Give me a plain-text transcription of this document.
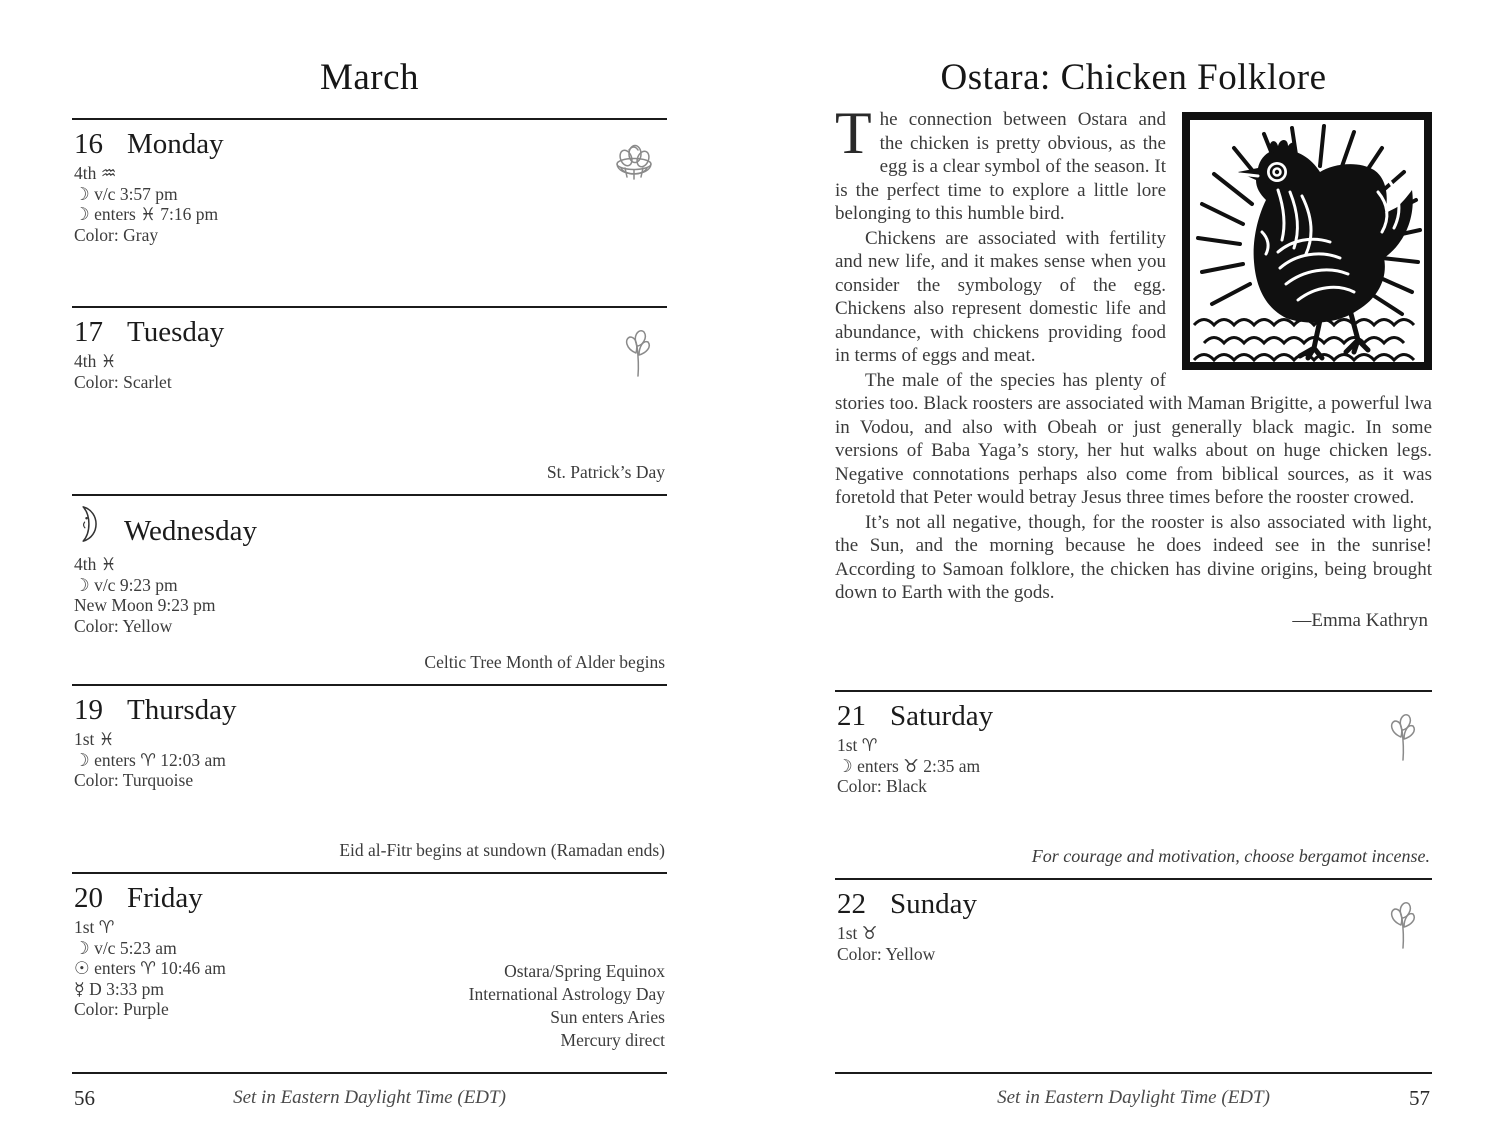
March
16 Monday
4th ♒
☽ v/c 3:57 pm
☽ enters ♓ 7:16 pm
Color: Gray
17 Tuesday
4th ♓
Color: Scarlet
St. Patrick’s Day
Wednesday
4th ♓
☽ v/c 9:23 pm
New Moon 9:23 pm
Color: Yellow
Celtic Tree Month of Alder begins
19 Thursday
1st ♓
☽ enters ♈ 12:03 am
Color: Turquoise
Eid al-Fitr begins at sundown (Ramadan ends)
20 Friday
1st ♈
☽ v/c 5:23 am
☉ enters ♈ 10:46 am
☿ D 3:33 pm
Color: Purple
Ostara/Spring Equinox
International Astrology Day
Sun enters Aries
Mercury direct
56	Set in Eastern Daylight Time (EDT)
Ostara: Chicken Folklore

The connection between Ostara and the chicken is pretty obvious, as the egg is a clear symbol of the season. It is the perfect time to explore a little lore belonging to this humble bird.

Chickens are associated with fertility and new life, and it makes sense when you consider the symbology of the egg. Chickens also represent domestic life and abundance, with chickens providing food in terms of eggs and meat.

The male of the species has plenty of stories too. Black roosters are associated with Maman Brigitte, a powerful lwa in Vodou, and also with Obeah or just generally black magic. In some versions of Baba Yaga’s story, her hut walks about on huge chicken legs. Negative connotations perhaps also come from biblical sources, as it was foretold that Peter would betray Jesus three times before the rooster crowed.

It’s not all negative, though, for the rooster is also associated with light, the Sun, and the morning because he does indeed see in the sunrise! According to Samoan folklore, the chicken has divine origins, being brought down to Earth with the gods.

—Emma Kathryn
21 Saturday
1st ♈
☽ enters ♉ 2:35 am
Color: Black
For courage and motivation, choose bergamot incense.
22 Sunday
1st ♉
Color: Yellow
Set in Eastern Daylight Time (EDT)	57
